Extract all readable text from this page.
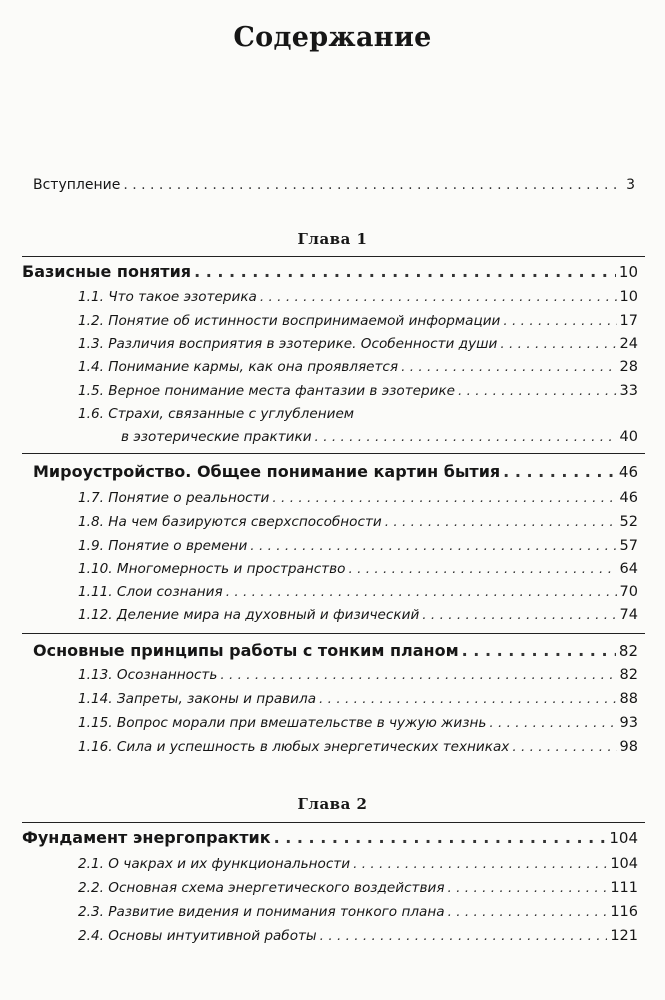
Содержание
Вступление . . .	3
Глава 1
Базисные понятия . . .	10
1.1. Что такое эзотерика . . .	10
1.2. Понятие об истинности воспринимаемой информации . . .	17
1.3. Различия восприятия в эзотерике. Особенности души . . .	24
1.4. Понимание кармы, как она проявляется . . .	28
1.5. Верное понимание места фантазии в эзотерике . . .	33
1.6. Страхи, связанные с углублением
в эзотерические практики . . .	40
Мироустройство. Общее понимание картин бытия . . .	46
1.7. Понятие о реальности . . .	46
1.8. На чем базируются сверхспособности . . .	52
1.9. Понятие о времени . . .	57
1.10. Многомерность и пространство . . .	64
1.11. Слои сознания . . .	70
1.12. Деление мира на духовный и физический . . .	74
Основные принципы работы с тонким планом . . .	82
1.13. Осознанность . . .	82
1.14. Запреты, законы и правила . . .	88
1.15. Вопрос морали при вмешательстве в чужую жизнь . . .	93
1.16. Сила и успешность в любых энергетических техниках . . .	98
Глава 2
Фундамент энергопрактик . . .	104
2.1. О чакрах и их функциональности . . .	104
2.2. Основная схема энергетического воздействия . . .	111
2.3. Развитие видения и понимания тонкого плана . . .	116
2.4. Основы интуитивной работы . . .	121
